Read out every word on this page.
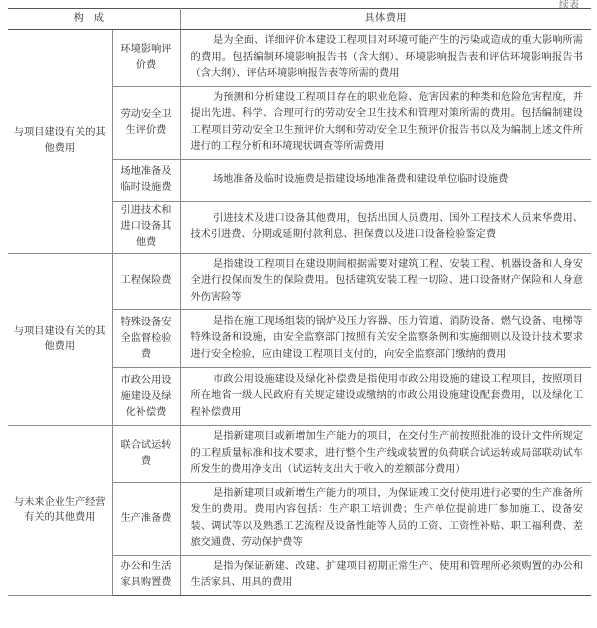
续表
构成		具体费用
与项目建设有关的其他费用	环境影响评价费	是为全面、详细评价本建设工程项目对环境可能产生的污染或造成的重大影响所需的费用。包括编制环境影响报告书（含大纲）、环境影响报告表和评估环境影响报告书（含大纲）、评估环境影响报告表等所需的费用
	劳动安全卫生评价费	为预测和分析建设工程项目存在的职业危险、危害因素的种类和危险危害程度，并提出先进、科学、合理可行的劳动安全卫生技术和管理对策所需的费用。包括编制建设工程项目劳动安全卫生预评价大纲和劳动安全卫生预评价报告书以及为编制上述文件所进行的工程分析和环境现状调查等所需费用
	场地准备及临时设施费	场地准备及临时设施费是指建设场地准备费和建设单位临时设施费
	引进技术和进口设备其他费	引进技术及进口设备其他费用，包括出国人员费用、国外工程技术人员来华费用、技术引进费、分期或延期付款利息、担保费以及进口设备检验鉴定费
与项目建设有关的其他费用	工程保险费	是指建设工程项目在建设期间根据需要对建筑工程、安装工程、机器设备和人身安全进行投保而发生的保险费用。包括建筑安装工程一切险、进口设备财产保险和人身意外伤害险等
	特殊设备安全监督检验费	是指在施工现场组装的锅炉及压力容器、压力管道、消防设备、燃气设备、电梯等特殊设备和设施，由安全监察部门按照有关安全监察条例和实施细则以及设计技术要求进行安全检验，应由建设工程项目支付的，向安全监察部门缴纳的费用
	市政公用设施建设及绿化补偿费	市政公用设施建设及绿化补偿费是指使用市政公用设施的建设工程项目，按照项目所在地省一级人民政府有关规定建设或缴纳的市政公用设施建设配套费用，以及绿化工程补偿费用
与未来企业生产经营有关的其他费用	联合试运转费	是指新建项目或新增加生产能力的项目，在交付生产前按照批准的设计文件所规定的工程质量标准和技术要求，进行整个生产线或装置的负荷联合试运转或局部联动试车所发生的费用净支出（试运转支出大于收入的差额部分费用）
	生产准备费	是指新建项目或新增生产能力的项目，为保证竣工交付使用进行必要的生产准备所发生的费用。费用内容包括：生产职工培训费；生产单位提前进厂参加施工、设备安装、调试等以及熟悉工艺流程及设备性能等人员的工资、工资性补贴、职工福利费、差旅交通费、劳动保护费等
	办公和生活家具购置费	是指为保证新建、改建、扩建项目初期正常生产、使用和管理所必须购置的办公和生活家具、用具的费用
